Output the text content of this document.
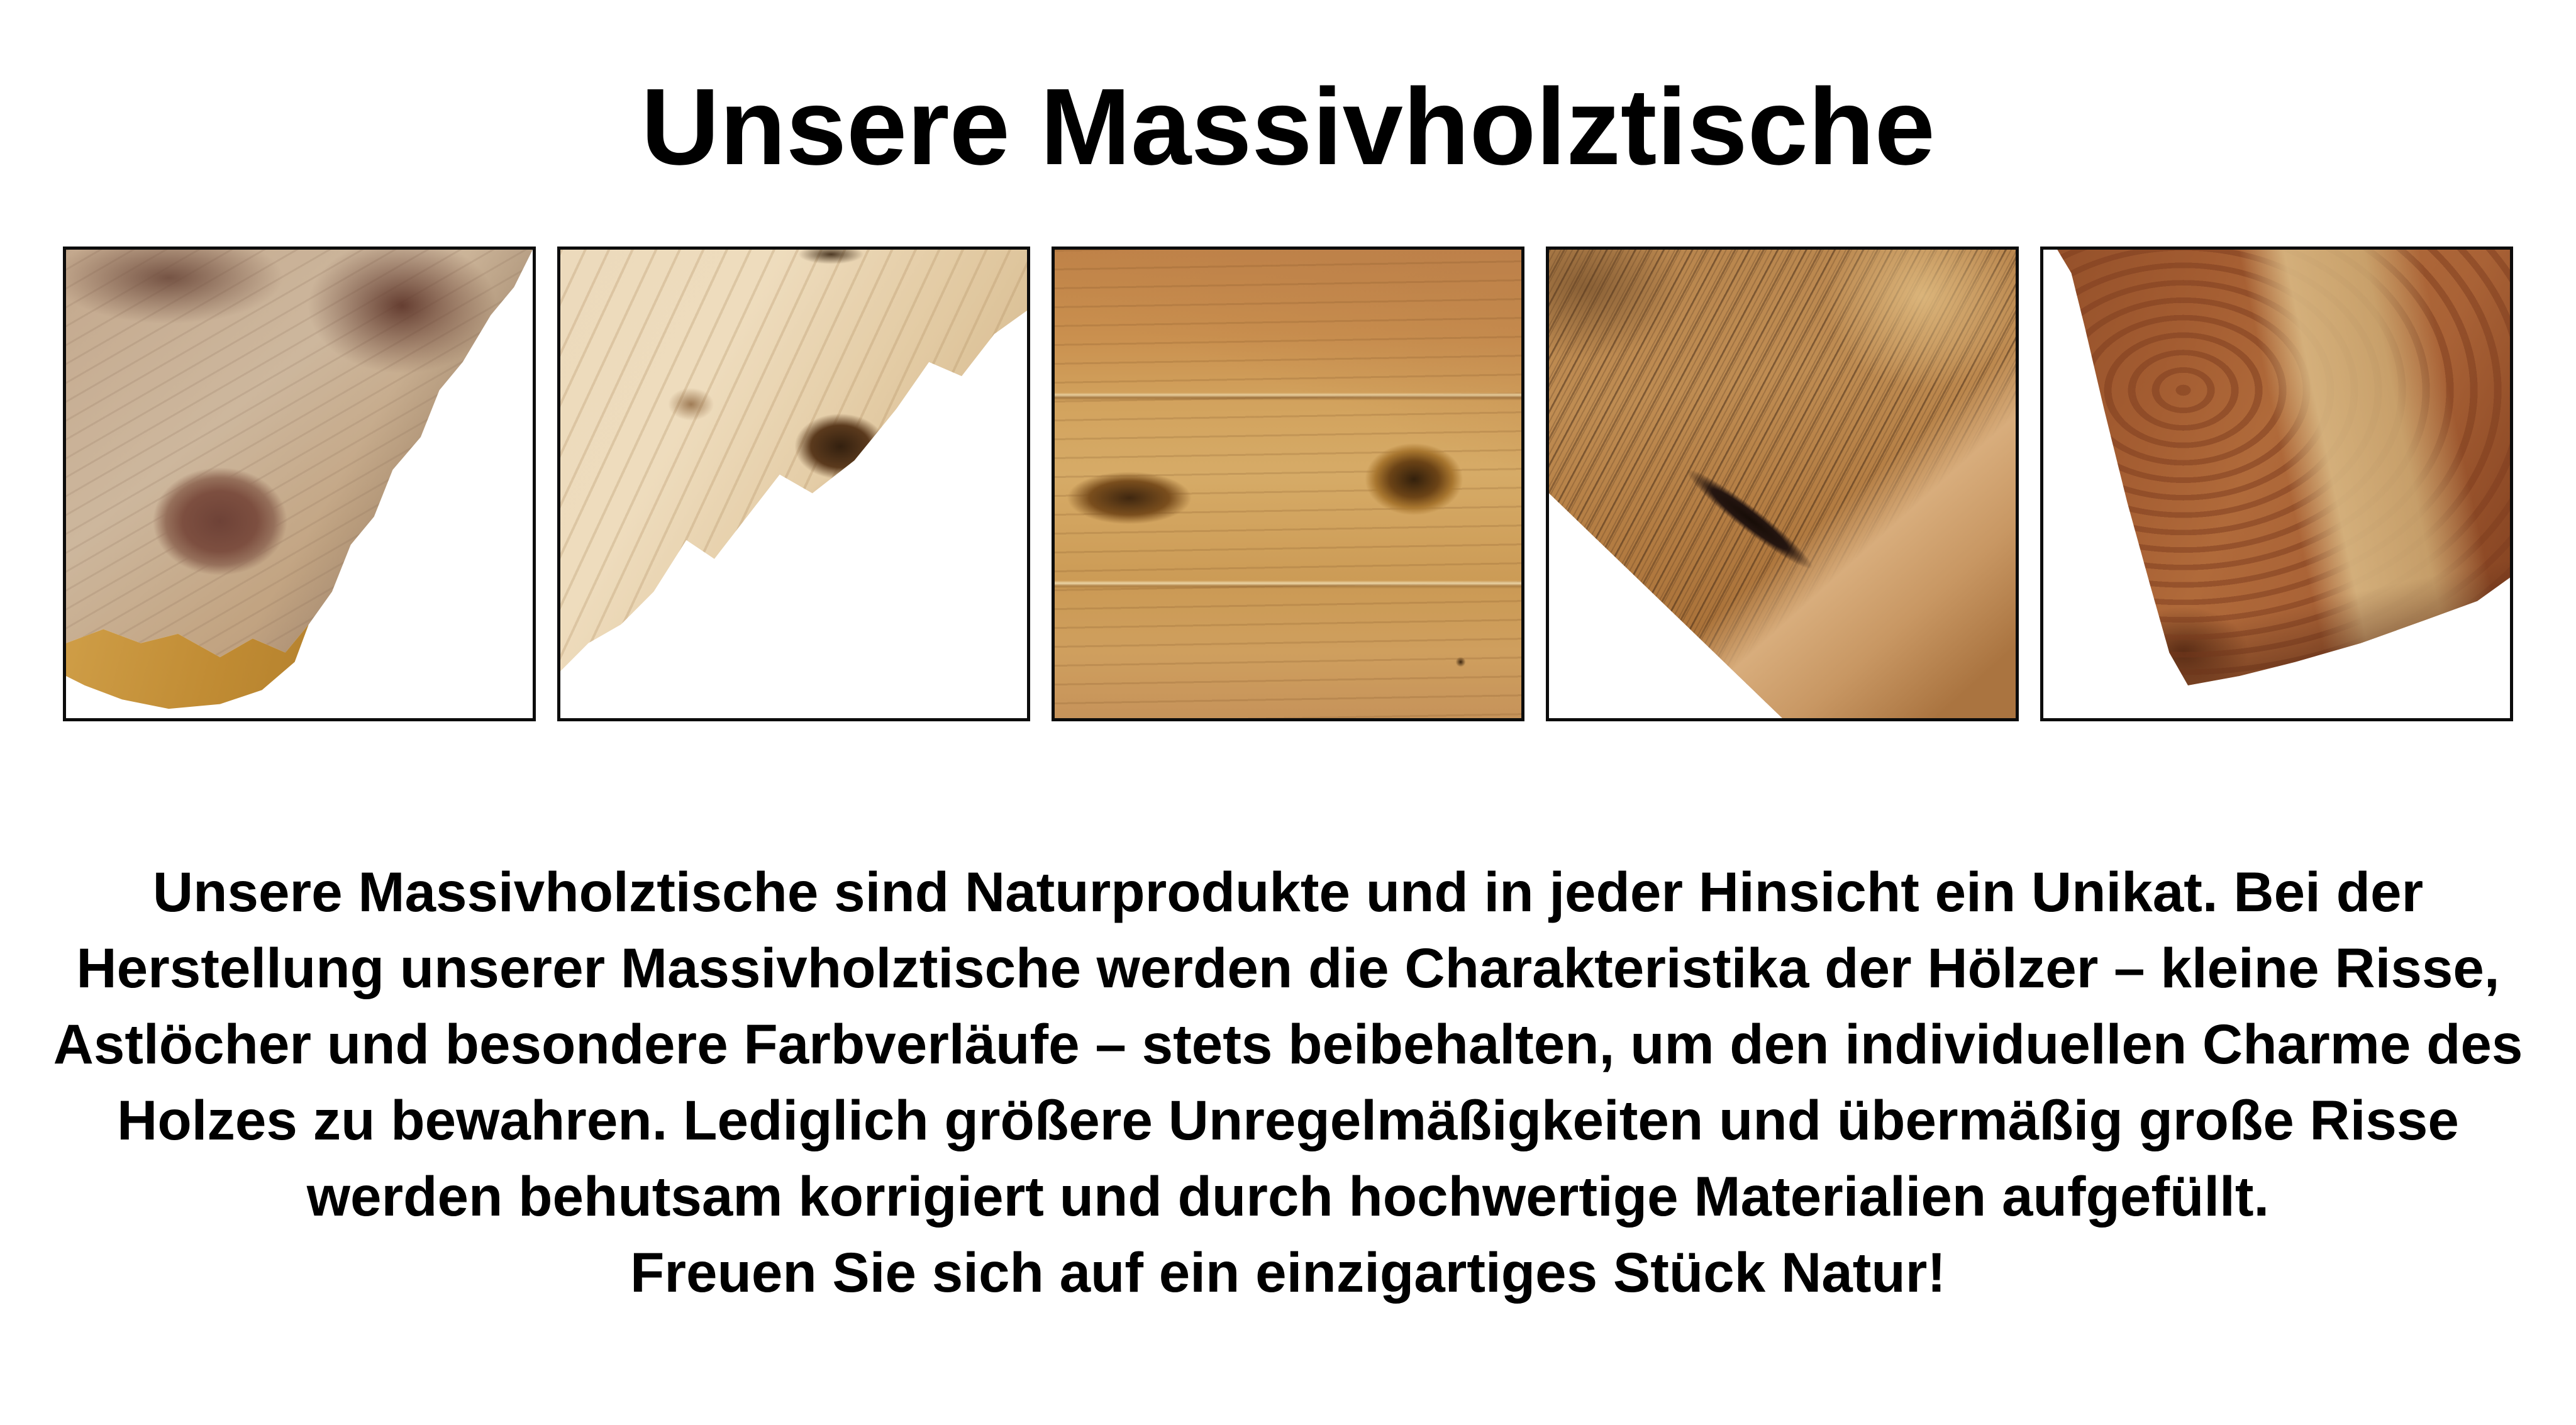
Unsere Massivholztische

Unsere Massivholztische sind Naturprodukte und in jeder Hinsicht ein Unikat. Bei der

Herstellung unserer Massivholztische werden die Charakteristika der Hölzer – kleine Risse,

Astlöcher und besondere Farbverläufe – stets beibehalten, um den individuellen Charme des

Holzes zu bewahren. Lediglich größere Unregelmäßigkeiten und übermäßig große Risse

werden behutsam korrigiert und durch hochwertige Materialien aufgefüllt.

Freuen Sie sich auf ein einzigartiges Stück Natur!
